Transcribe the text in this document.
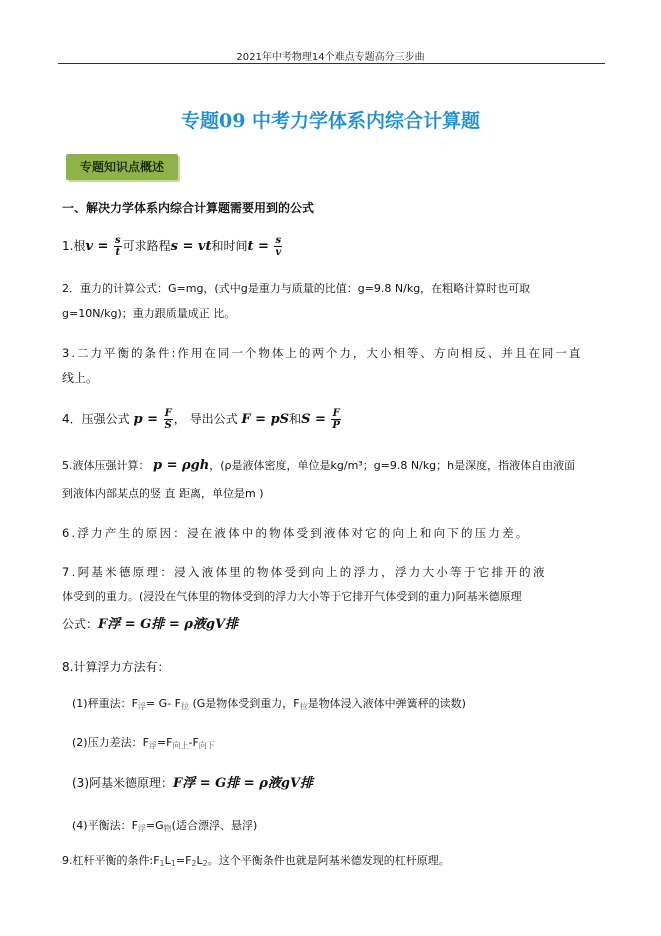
2021年中考物理14个难点专题高分三步曲
专题09 中考力学体系内综合计算题
专题知识点概述
一、解决力学体系内综合计算题需要用到的公式
1.根$v = \frac{s}{t}$ 可求路程s = vt和时间$t = \frac{s}{v}$
2．重力的计算公式：G=mg，(式中g是重力与质量的比值：g=9.8 N/kg，在粗略计算时也可取
g=10N/kg)；重力跟质量成正 比。
3.二力平衡的条件:作用在同一个物体上的两个力，大小相等、方向相反、并且在同一直
线上。
4．压强公式 $p = \frac{F}{S}$ ， 导出公式 F = pS和$S = \frac{F}{P}$
5.液体压强计算： p = ρgh，(ρ是液体密度，单位是kg/m³；g=9.8 N/kg；h是深度，指液体自由液面
到液体内部某点的竖 直 距离，单位是m )
6.浮力产生的原因：浸在液体中的物体受到液体对它的向上和向下的压力差。
7.阿基米德原理：浸入液体里的物体受到向上的浮力，浮力大小等于它排开的液
体受到的重力。(浸没在气体里的物体受到的浮力大小等于它排开气体受到的重力)阿基米德原理
公式：F浮 = G排 = ρ液gV排
8.计算浮力方法有：
(1)秤重法：$F_浮= G-$ $F_拉$ (G是物体受到重力，$F_拉$是物体浸入液体中弹簧秤的读数)
(2)压力差法：$F_浮=F_{向上}-F_{向下}$
(3)阿基米德原理：F浮 = G排 = ρ液gV排
(4)平衡法：$F_浮=G_物$(适合漂浮、悬浮)
9.杠杆平衡的条件$:F_1L_1=F_2L_2$。这个平衡条件也就是阿基米德发现的杠杆原理。
